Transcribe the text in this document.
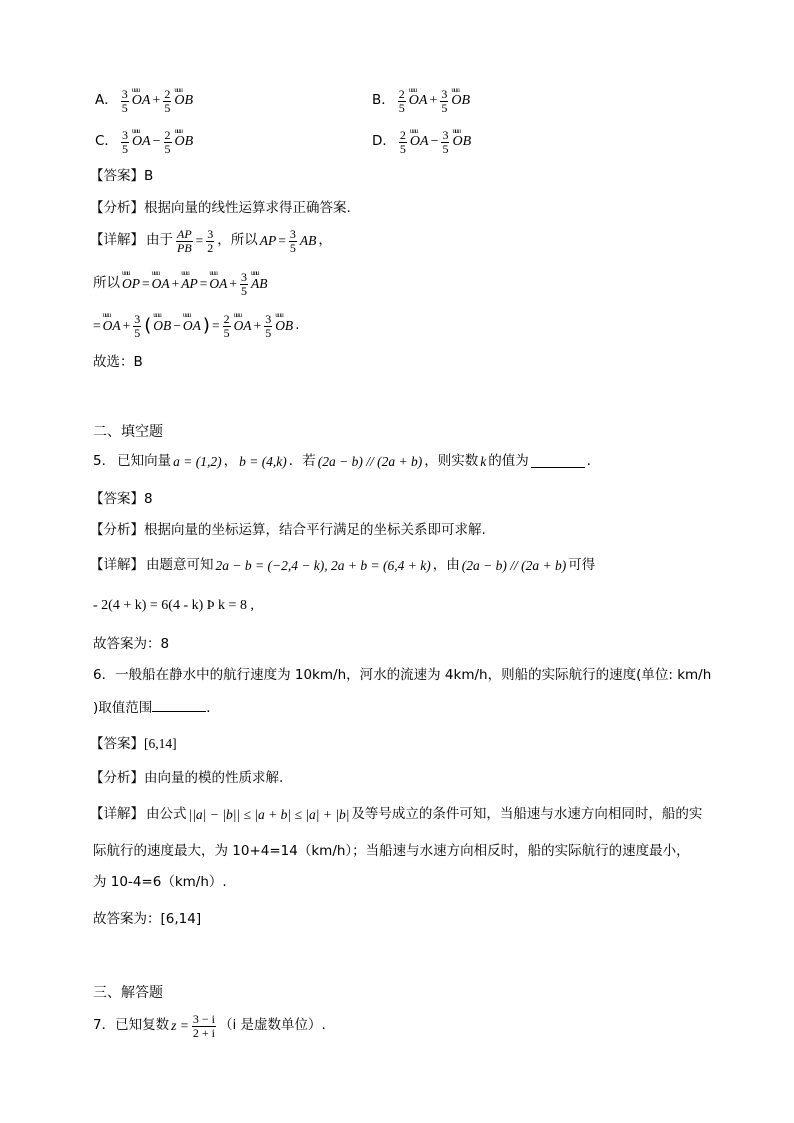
A． $\frac{3}{5}$ uuu OA + $\frac{2}{5}$ uuu OB	B． $\frac{2}{5}$ uuu OA + $\frac{3}{5}$ uuu OB
C． $\frac{3}{5}$ uuu OA − $\frac{2}{5}$ uuu OB	D． $\frac{2}{5}$ uuu OA − $\frac{3}{5}$ uuu OB
【答案】B
【分析】根据向量的线性运算求得正确答案.
【详解】 由于 $\frac{AP}{PB} = \frac{3}{2}$ ，所以 AP = $\frac{3}{5}$ AB ，
所以 uuu OP = uuu OA + uuu AP = uuu OA + $\frac{3}{5}$ uuu AB
= uuu OA + $\frac{3}{5}$ ( uuu OB − uuu OA ) = $\frac{2}{5}$ uuu OA + $\frac{3}{5}$ uuu OB .
故选：B
二、填空题
5． 已知向量 a = (1,2) ， b = (4,k) ．若 (2a − b) // (2a + b) ，则实数 k 的值为	．
【答案】8
【分析】根据向量的坐标运算，结合平行满足的坐标关系即可求解.
【详解】 由题意可知 2a − b = (−2,4 − k), 2a + b = (6,4 + k) ，由 (2a − b) // (2a + b) 可得
- 2(4 + k) = 6(4 - k) Þ k = 8 ,
故答案为：8
6．一般船在静水中的航行速度为 10km/h，河水的流速为 4km/h，则船的实际航行的速度(单位: km/h
)取值范围	．
【答案】[6,14]
【分析】由向量的模的性质求解.
【详解】 由公式 ||a| − |b|| ≤ |a + b| ≤ |a| + |b| 及等号成立的条件可知，当船速与水速方向相同时，船的实
际航行的速度最大，为 10+4=14（km/h）；当船速与水速方向相反时，船的实际航行的速度最小，
为 10-4=6（km/h）.
故答案为：[6,14]
三、解答题
7．已知复数 $z = \frac{3 - i}{2 + i} (i$ 是虚数单位）.
